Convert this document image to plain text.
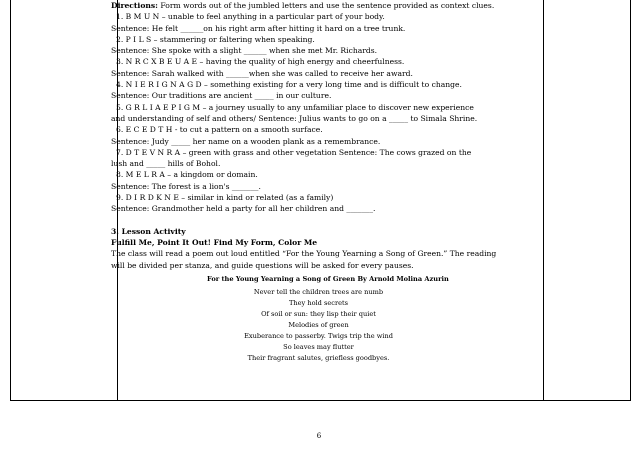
Directions: Form words out of the jumbled letters and use the sentence provided as context clues.

1. B M U N – unable to feel anything in a particular part of your body.

Sentence: He felt ______on his right arm after hitting it hard on a tree trunk.

2. P I L S – stammering or faltering when speaking.

Sentence: She spoke with a slight ______ when she met Mr. Richards.

3. N R C X B E U A E – having the quality of high energy and cheerfulness.

Sentence: Sarah walked with ______when she was called to receive her award.

4. N I E R I G N A G D – something existing for a very long time and is difficult to change.

Sentence: Our traditions are ancient _____ in our culture.

5. G R L I A E P I G M – a journey usually to any unfamiliar place to discover new experience

and understanding of self and others/ Sentence: Julius wants to go on a _____ to Simala Shrine.

6. E C E D T H - to cut a pattern on a smooth surface.

Sentence: Judy _____ her name on a wooden plank as a remembrance.

7. D T E V N R A – green with grass and other vegetation Sentence: The cows grazed on the

lush and _____ hills of Bohol.

8. M E L R A – a kingdom or domain.

Sentence: The forest is a lion's _______.

9. D I R D K N E – similar in kind or related (as a family)

Sentence: Grandmother held a party for all her children and _______.

3. Lesson Activity

Fulfill Me, Point It Out! Find My Form, Color Me

The class will read a poem out loud entitled “For the Young Yearning a Song of Green.” The reading

will be divided per stanza, and guide questions will be asked for every pauses.

For the Young Yearning a Song of Green By Arnold Molina Azurin

Never tell the children trees are numb

They hold secrets

Of soil or sun: they lisp their quiet

Melodies of green

Exuberance to passerby. Twigs trip the wind

So leaves may flutter

Their fragrant salutes, griefless goodbyes.

6
